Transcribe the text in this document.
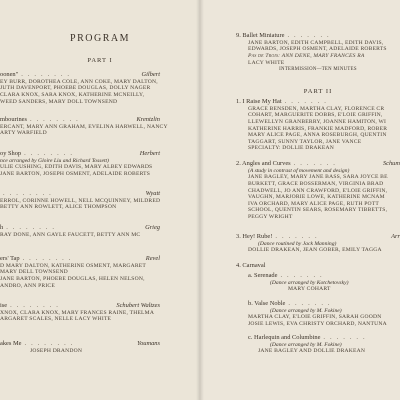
PROGRAM
PART I
oonen" ........	Gilbert
EY BURR, DOROTHEA COLE, ANN COKE, MARY DALTON,
JUTH DAVENPORT, PHOEBE DOUGLAS, DOLLY NAGER
CLARA KNOX, SARA KNOX, KATHERINE MCNEILLY,
WEED SANDERS, MARY DOLL TOWNSEND
mbourines ........	Krentzlin
ERCANT, MARY ANN GRAHAM, EVELINA HARWELL, NANCY
ARTY WARFIELD
oy Shop ........	Herbert
nce arranged by Gloire Liu and Richard Tossett)
ULIE CUSHING, EDITH DAVIS, MARY ALBEY EDWARDS
JANE BARTON, JOSEPH OSMENT, ADELAIDE ROBERTS
........	Wyatt
ERROL, CORINNE HOWELL, NELL MCQUINNEY, MILDRED
BETTY ANN ROWLETT, ALICE THOMPSON
h ........	Grieg
RAY DONE, ANN GAYLE FAUCETT, BETTY ANN MC
ers' Tap ........	Revel
D MARY DALTON, KATHERINE OSMENT, MARGARET
MARY DELL TOWNSEND
JANE BARTON, PHOEBE DOUGLAS, HELEN NELSON,
ANDRO, ANN PRICE
ise ........	Schubert Waltzes
XNOX, CLARA KNOX, MARY FRANCES RAINE, THELMA
ARGARET SCALES, NELLE LACY WHITE
akes Me ........	Youmans
JOSEPH DRANDON
9. Ballet Miniature .......
JANE BARTON, EDITH CAMPBELL, EDITH DAVIS,
EDWARDS, JOSEPH OSMENT, ADELAIDE ROBERTS
Pas de Trois: ANN DENE, MARY FRANCES RA
LACY WHITE
INTERMISSION—TEN MINUTES
PART II
1. I Raise My Hat .......
GRACE BENSDEN, MARTHA CLAY, FLORENCE CR
COHART, MARGUERITE DOBBS, E'LOIE GRIFFIN,
LLEWELLYN GRANBERRY, JOANNE HAMITON, WI
KATHERINE HARRIS, FRANKIE MADFORD, ROBER
MARY ALICE PAGE, ANNA ROSEBURGH, QUENTIN
TAGGART, SUNNY TAYLOR, JANE VANCE
SPECIALTY: DOLLIE DRAKEAN
2. Angles and Curves .......	Schum
(A study in contrast of movement and design)
JANE BAGLEY, MARY JANE BASS, SARA JOYCE BE
BURKETT, GRACE BOSSERMAN, VIRGINIA BRAD
CHADWELL, JO ANN CRAWFORD, E'LOIE GRIFFIN,
VAUGHN, MARJORIE LOWE, KATHERINE MCNAM
IVA ORCHARD, MARY ALICE PAGE, RUTH POTT
SCHOOL, QUENTIN SEARS, ROSEMARY TIBBETTS,
PEGGY WRIGHT
3. Hey! Rube! .......	Arr
(Dance routined by Jack Manning)
DOLLIE DRAKEAN, JEAN GOBER, EMILY TAGGA
4. Carnaval
a. Serenade .......
(Dance arranged by Kotchetovsky)
MARY COHART
b. Valse Noble .......
(Dance arranged by M. Fokine)
MARTHA CLAY, E'LOIE GRIFFIN, SARAH GOODN
JOSIE LEWIS, EVA CHRISTY ORCHARD, NANTUNA
c. Harlequin and Columbine .......
(Dance arranged by M. Fokine)
JANE BAGLEY AND DOLLIE DRAKEAN
